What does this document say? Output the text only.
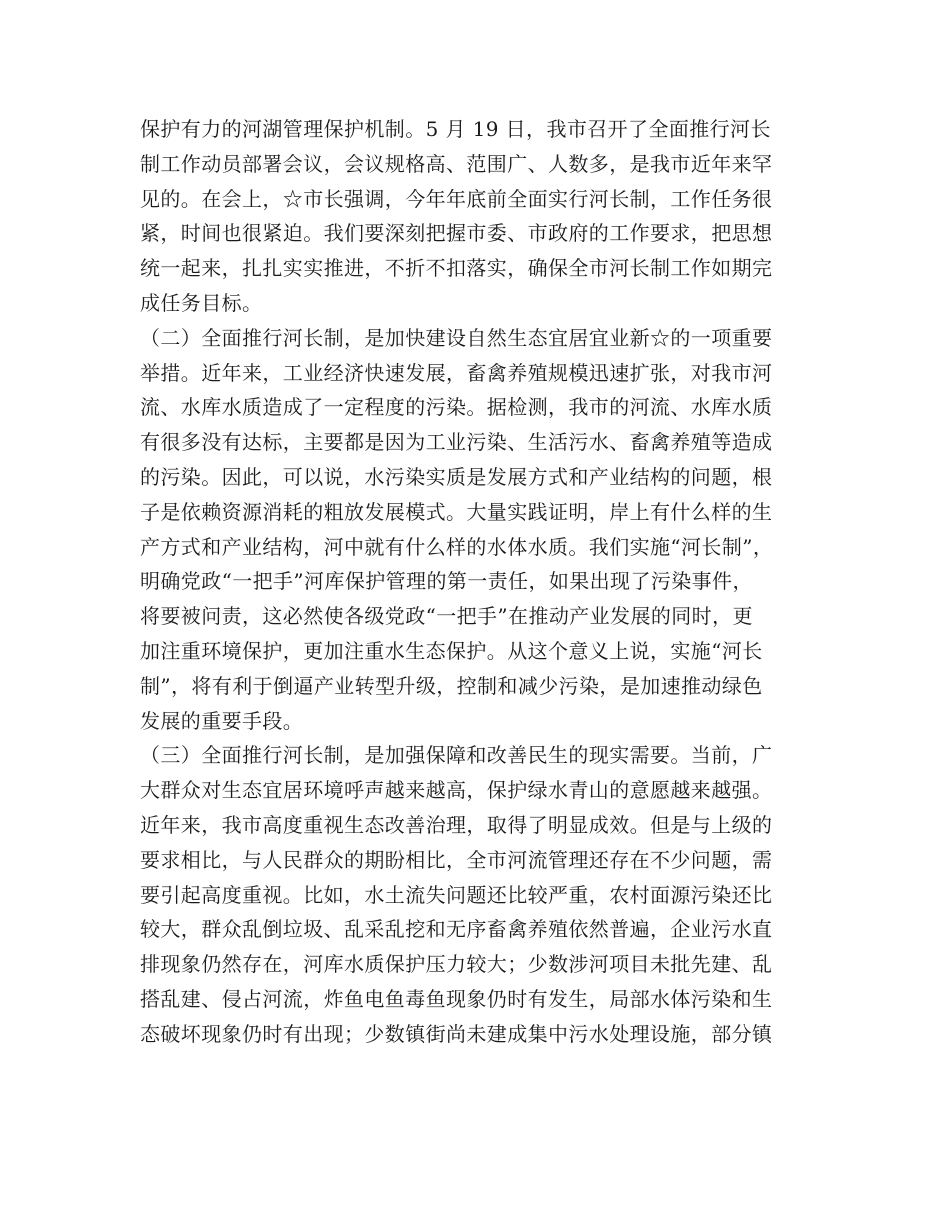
保护有力的河湖管理保护机制。5 月 19 日，我市召开了全面推行河长
制工作动员部署会议，会议规格高、范围广、人数多，是我市近年来罕
见的。在会上，☆市长强调，今年年底前全面实行河长制，工作任务很
紧，时间也很紧迫。我们要深刻把握市委、市政府的工作要求，把思想
统一起来，扎扎实实推进，不折不扣落实，确保全市河长制工作如期完
成任务目标。
（二）全面推行河长制，是加快建设自然生态宜居宜业新☆的一项重要
举措。近年来，工业经济快速发展，畜禽养殖规模迅速扩张，对我市河
流、水库水质造成了一定程度的污染。据检测，我市的河流、水库水质
有很多没有达标，主要都是因为工业污染、生活污水、畜禽养殖等造成
的污染。因此，可以说，水污染实质是发展方式和产业结构的问题，根
子是依赖资源消耗的粗放发展模式。大量实践证明，岸上有什么样的生
产方式和产业结构，河中就有什么样的水体水质。我们实施“河长制”，
明确党政“一把手”河库保护管理的第一责任，如果出现了污染事件，
将要被问责，这必然使各级党政“一把手”在推动产业发展的同时，更
加注重环境保护，更加注重水生态保护。从这个意义上说，实施“河长
制”，将有利于倒逼产业转型升级，控制和减少污染，是加速推动绿色
发展的重要手段。
（三）全面推行河长制，是加强保障和改善民生的现实需要。当前，广
大群众对生态宜居环境呼声越来越高，保护绿水青山的意愿越来越强。
近年来，我市高度重视生态改善治理，取得了明显成效。但是与上级的
要求相比，与人民群众的期盼相比，全市河流管理还存在不少问题，需
要引起高度重视。比如，水土流失问题还比较严重，农村面源污染还比
较大，群众乱倒垃圾、乱采乱挖和无序畜禽养殖依然普遍，企业污水直
排现象仍然存在，河库水质保护压力较大；少数涉河项目未批先建、乱
搭乱建、侵占河流，炸鱼电鱼毒鱼现象仍时有发生，局部水体污染和生
态破坏现象仍时有出现；少数镇街尚未建成集中污水处理设施，部分镇
